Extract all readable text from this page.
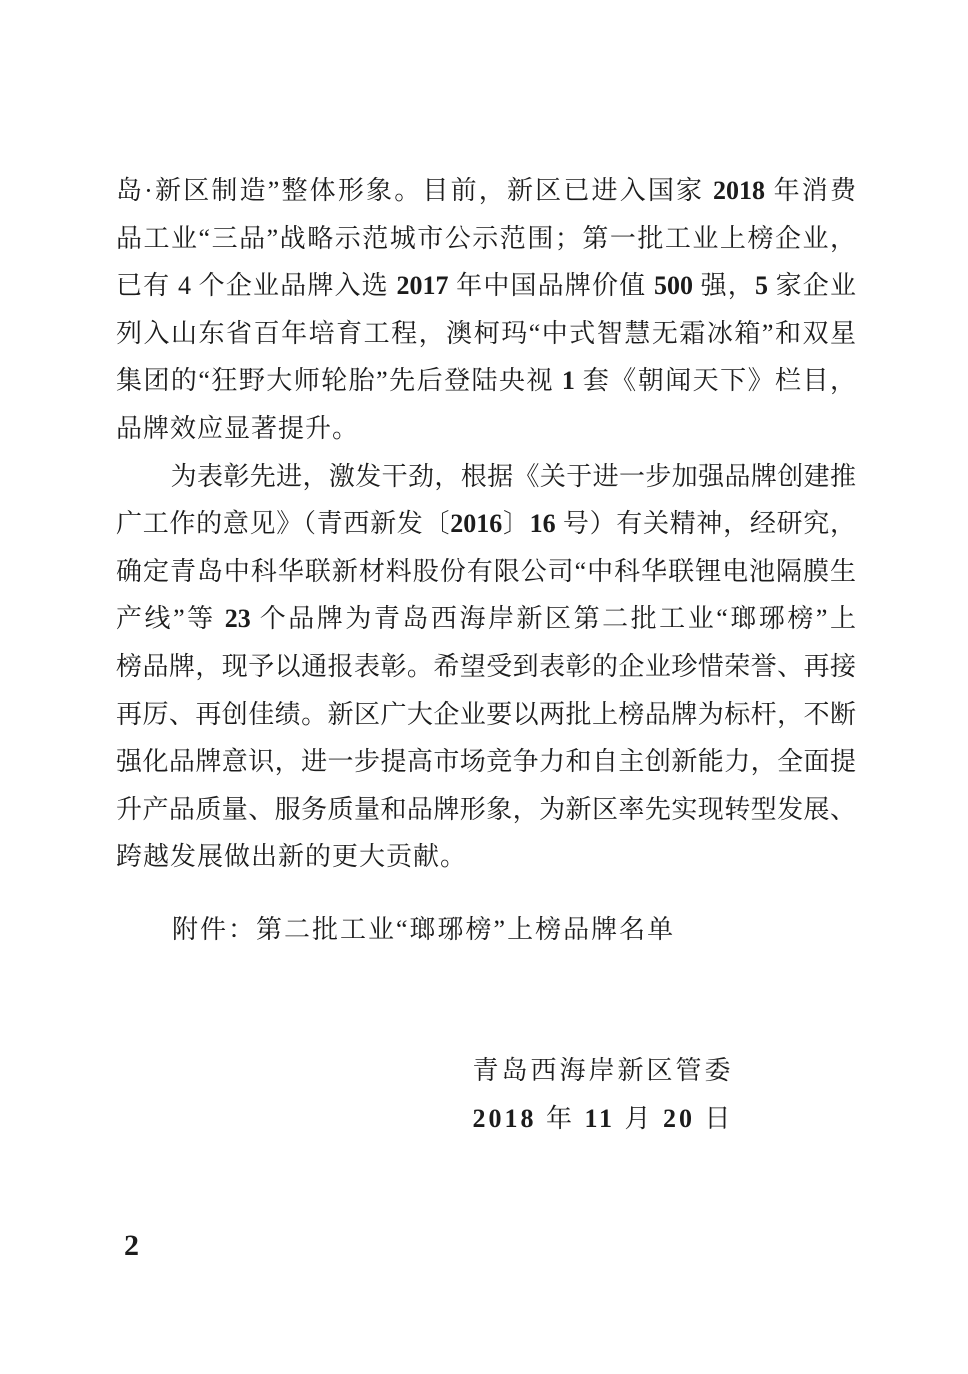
岛·新区制造”整体形象。目前，新区已进入国家 2018 年消费
品工业“三品”战略示范城市公示范围；第一批工业上榜企业，
已有 4 个企业品牌入选 2017 年中国品牌价值 500 强，5 家企业
列入山东省百年培育工程，澳柯玛“中式智慧无霜冰箱”和双星
集团的“狂野大师轮胎”先后登陆央视 1 套《朝闻天下》栏目，
品牌效应显著提升。
为表彰先进，激发干劲，根据《关于进一步加强品牌创建推
广工作的意见》（青西新发〔2016〕16 号）有关精神，经研究，
确定青岛中科华联新材料股份有限公司“中科华联锂电池隔膜生
产线”等 23 个品牌为青岛西海岸新区第二批工业“瑯琊榜”上
榜品牌，现予以通报表彰。希望受到表彰的企业珍惜荣誉、再接
再厉、再创佳绩。新区广大企业要以两批上榜品牌为标杆，不断
强化品牌意识，进一步提高市场竞争力和自主创新能力，全面提
升产品质量、服务质量和品牌形象，为新区率先实现转型发展、
跨越发展做出新的更大贡献。
附件：第二批工业“瑯琊榜”上榜品牌名单
青岛西海岸新区管委
2018 年 11 月 20 日
2
